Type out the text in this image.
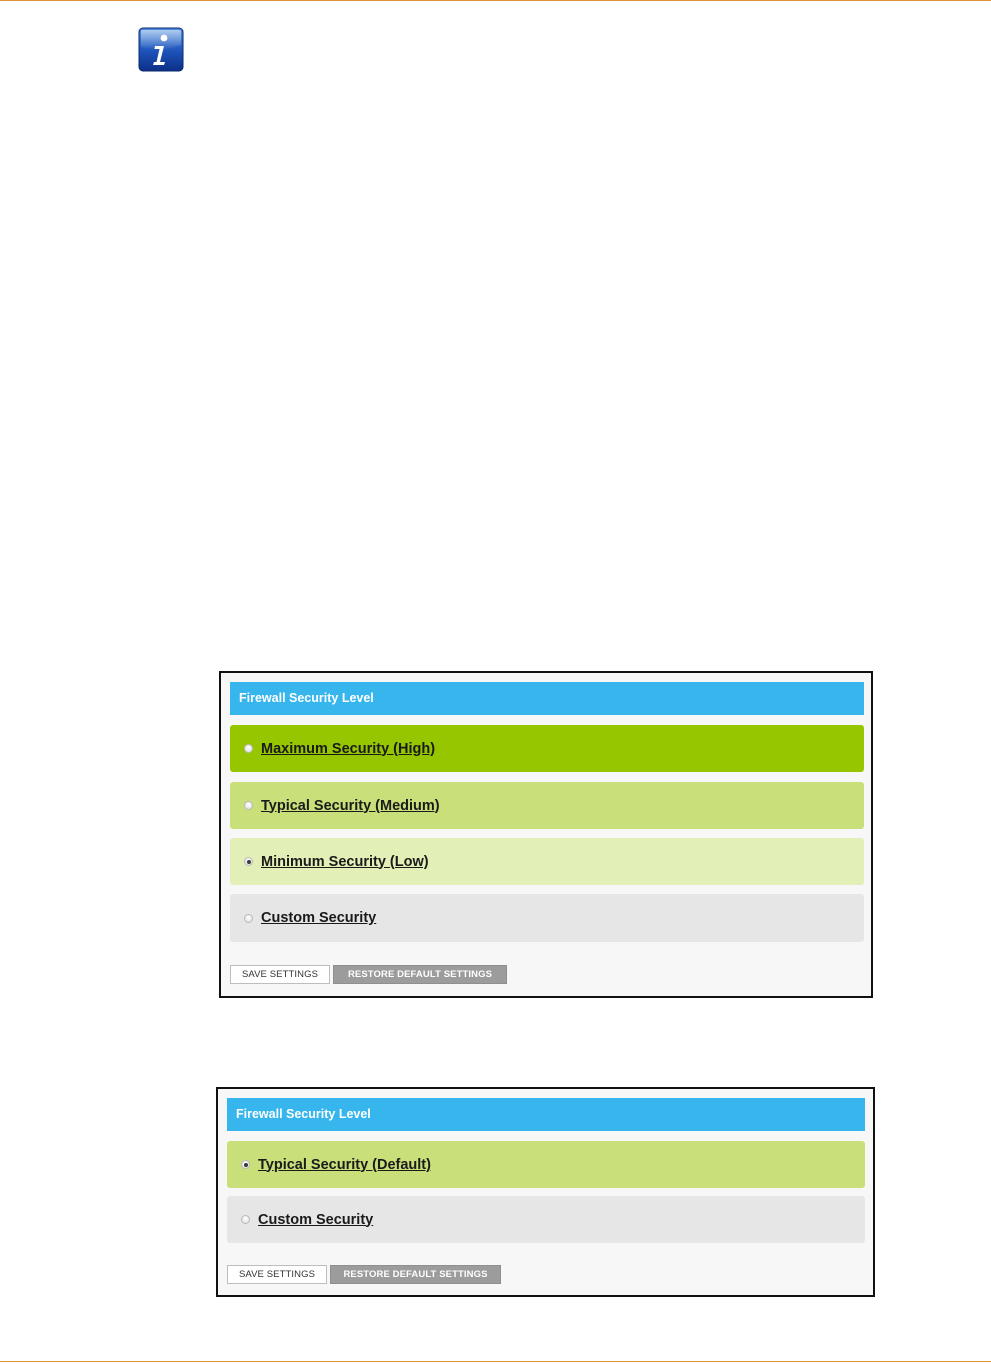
Firewall Security Level
Maximum Security (High)
Typical Security (Medium)
Minimum Security (Low)
Custom Security
SAVE SETTINGS	RESTORE DEFAULT SETTINGS
Firewall Security Level
Typical Security (Default)
Custom Security
SAVE SETTINGS	RESTORE DEFAULT SETTINGS
